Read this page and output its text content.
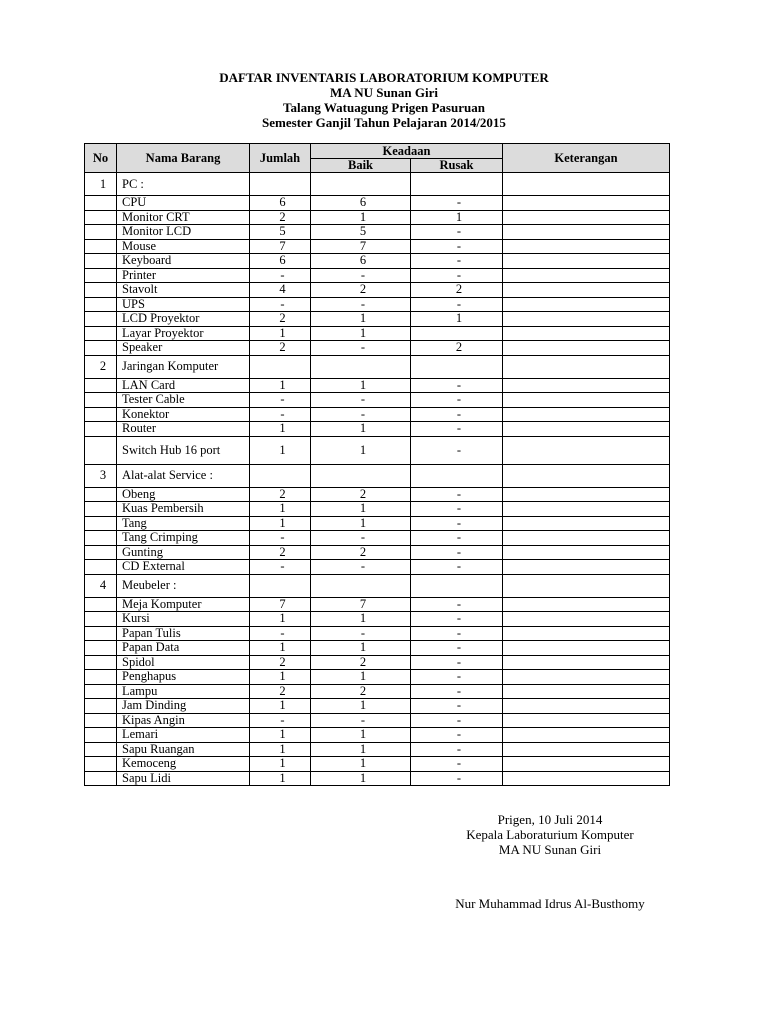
DAFTAR INVENTARIS LABORATORIUM KOMPUTER
MA NU Sunan Giri
Talang Watuagung Prigen Pasuruan
Semester Ganjil Tahun Pelajaran 2014/2015
No	Nama Barang	Jumlah	Keadaan		Keterangan
			Baik	Rusak	
1	PC :				
	CPU	6	6	-	
	Monitor CRT	2	1	1	
	Monitor LCD	5	5	-	
	Mouse	7	7	-	
	Keyboard	6	6	-	
	Printer	-	-	-	
	Stavolt	4	2	2	
	UPS	-	-	-	
	LCD Proyektor	2	1	1	
	Layar Proyektor	1	1		
	Speaker	2	-	2	
2	Jaringan Komputer				
	LAN Card	1	1	-	
	Tester Cable	-	-	-	
	Konektor	-	-	-	
	Router	1	1	-	
	Switch Hub 16 port	1	1	-	
3	Alat-alat Service :				
	Obeng	2	2	-	
	Kuas Pembersih	1	1	-	
	Tang	1	1	-	
	Tang Crimping	-	-	-	
	Gunting	2	2	-	
	CD External	-	-	-	
4	Meubeler :				
	Meja Komputer	7	7	-	
	Kursi	1	1	-	
	Papan Tulis	-	-	-	
	Papan Data	1	1	-	
	Spidol	2	2	-	
	Penghapus	1	1	-	
	Lampu	2	2	-	
	Jam Dinding	1	1	-	
	Kipas Angin	-	-	-	
	Lemari	1	1	-	
	Sapu Ruangan	1	1	-	
	Kemoceng	1	1	-	
	Sapu Lidi	1	1	-	
Prigen, 10 Juli 2014
Kepala Laboraturium Komputer
MA NU Sunan Giri
Nur Muhammad Idrus Al-Busthomy
